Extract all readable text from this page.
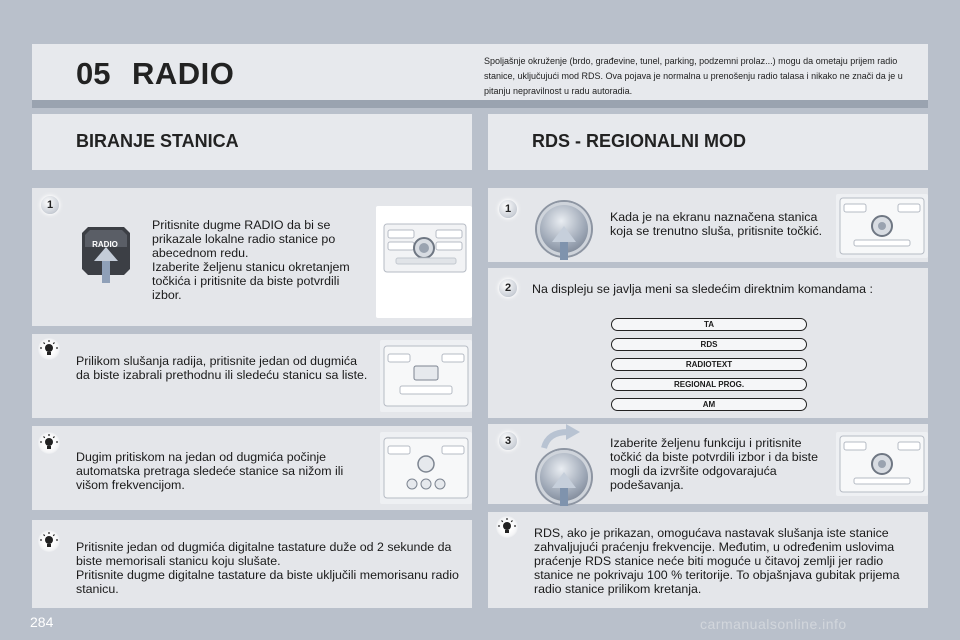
05 RADIO	Spoljašnje okruženje (brdo, građevine, tunel, parking, podzemni prolaz...) mogu da ometaju prijem radio stanice, uključujući mod RDS. Ova pojava je normalna u prenošenju radio talasa i nikako ne znači da je u pitanju nepravilnost u radu autoradia.
BIRANJE STANICA	RDS - REGIONALNI MOD
1
RADIO
Pritisnite dugme RADIO da bi se prikazale lokalne radio stanice po abecednom redu.
Izaberite željenu stanicu okretanjem točkića i pritisnite da biste potvrdili izbor.
Prilikom slušanja radija, pritisnite jedan od dugmića da biste izabrali prethodnu ili sledeću stanicu sa liste.
Dugim pritiskom na jedan od dugmića počinje automatska pretraga sledeće stanice sa nižom ili višom frekvencijom.
Pritisnite jedan od dugmića digitalne tastature duže od 2 sekunde da biste memorisali stanicu koju slušate.
Pritisnite dugme digitalne tastature da biste uključili memorisanu radio stanicu.
1
Kada je na ekranu naznačena stanica koja se trenutno sluša, pritisnite točkić.
2	Na displeju se javlja meni sa sledećim direktnim komandama :
TA
RDS
RADIOTEXT
REGIONAL PROG.
AM
3	Izaberite željenu funkciju i pritisnite točkić da biste potvrdili izbor i da biste mogli da izvršite odgovarajuća podešavanja.
RDS, ako je prikazan, omogućava nastavak slušanja iste stanice zahvaljujući praćenju frekvencije. Međutim, u određenim uslovima praćenje RDS stanice neće biti moguće u čitavoj zemlji jer radio stanice ne pokrivaju 100 % teritorije. To objašnjava gubitak prijema radio stanice prilikom kretanja.
284	carmanualsonline.info
